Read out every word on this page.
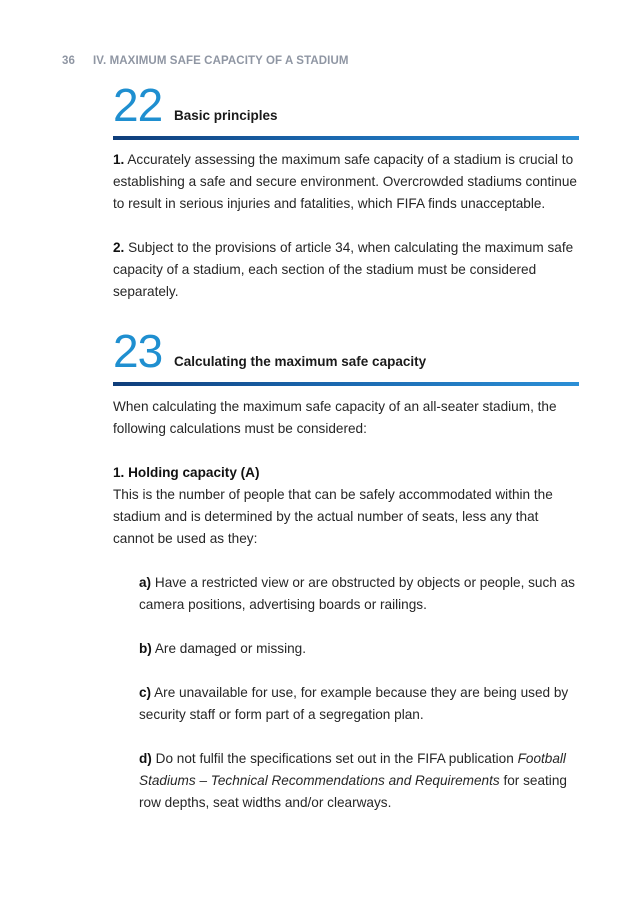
36 IV. MAXIMUM SAFE CAPACITY OF A STADIUM
22 Basic principles

1. Accurately assessing the maximum safe capacity of a stadium is crucial to establishing a safe and secure environment. Overcrowded stadiums continue to result in serious injuries and fatalities, which FIFA finds unacceptable.

2. Subject to the provisions of article 34, when calculating the maximum safe capacity of a stadium, each section of the stadium must be considered separately.

23 Calculating the maximum safe capacity

When calculating the maximum safe capacity of an all-seater stadium, the following calculations must be considered:

1. Holding capacity (A)

This is the number of people that can be safely accommodated within the stadium and is determined by the actual number of seats, less any that cannot be used as they:

a) Have a restricted view or are obstructed by objects or people, such as camera positions, advertising boards or railings.

b) Are damaged or missing.

c) Are unavailable for use, for example because they are being used by security staff or form part of a segregation plan.

d) Do not fulfil the specifications set out in the FIFA publication Football Stadiums – Technical Recommendations and Requirements for seating row depths, seat widths and/or clearways.
